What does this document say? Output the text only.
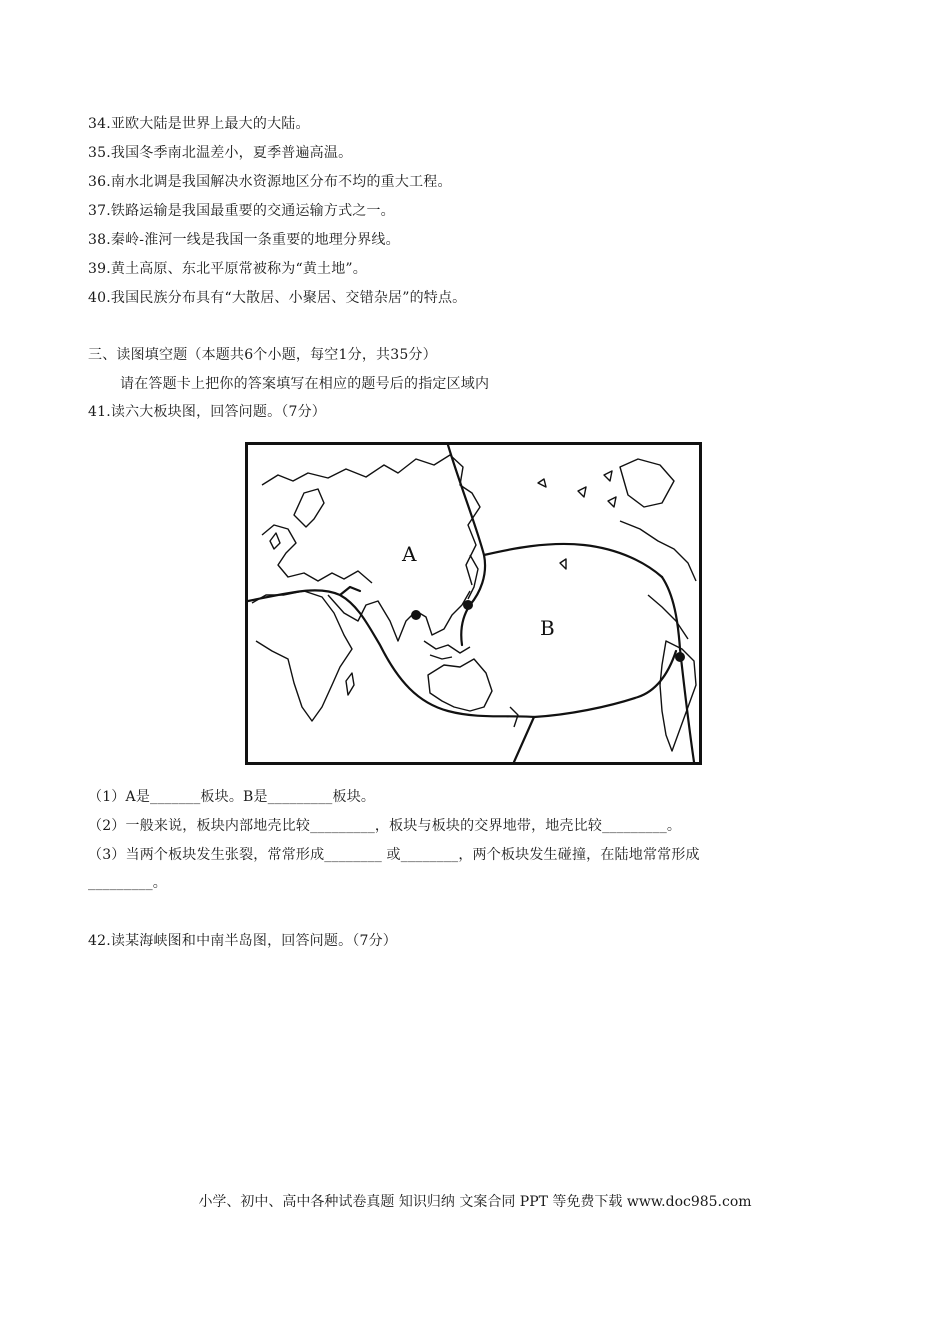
34.亚欧大陆是世界上最大的大陆。
35.我国冬季南北温差小，夏季普遍高温。
36.南水北调是我国解决水资源地区分布不均的重大工程。
37.铁路运输是我国最重要的交通运输方式之一。
38.秦岭-淮河一线是我国一条重要的地理分界线。
39.黄土高原、东北平原常被称为“黄土地”。
40.我国民族分布具有“大散居、小聚居、交错杂居”的特点。
三、读图填空题（本题共6个小题，每空1分，共35分）
请在答题卡上把你的答案填写在相应的题号后的指定区域内
41.读六大板块图，回答问题。（7分）
A
B
（1）A是_______板块。B是_________板块。
（2）一般来说，板块内部地壳比较_________，板块与板块的交界地带，地壳比较_________。
（3）当两个板块发生张裂，常常形成________ 或________，两个板块发生碰撞，在陆地常常形成
_________。
42.读某海峡图和中南半岛图，回答问题。（7分）
小学、初中、高中各种试卷真题 知识归纳 文案合同 PPT 等免费下载 www.doc985.com
